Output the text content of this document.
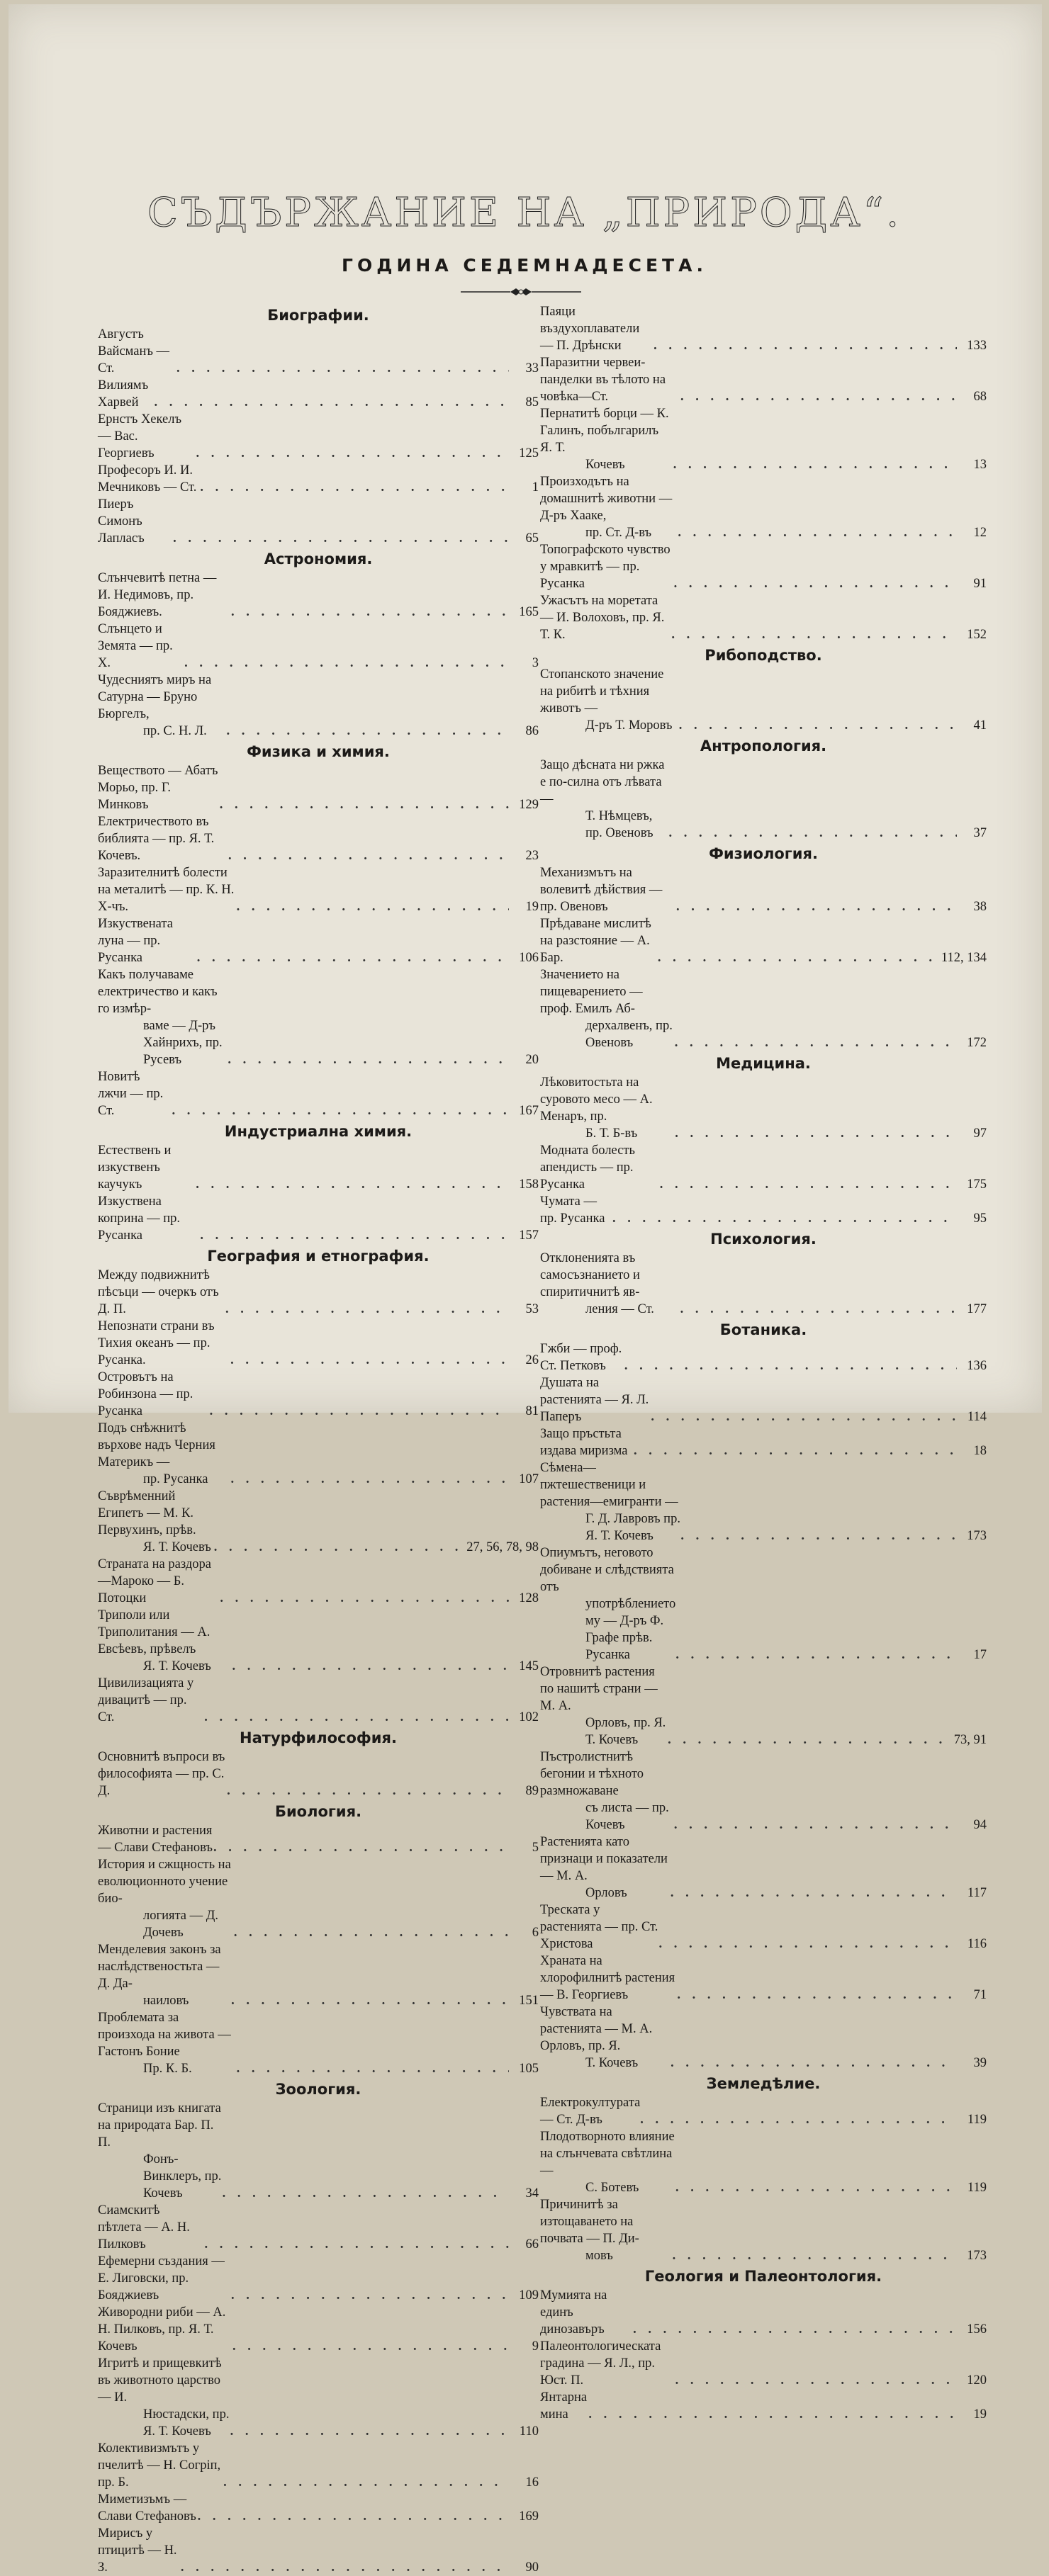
СЪДЪРЖАНИЕ НА „ПРИРОДА“.
ГОДИНА СЕДЕМНАДЕСЕТА.
Биографии.
Августъ Вайсманъ — Ст. . . .	33
Вилиямъ Харвей . . .	85
Ернстъ Хекелъ — Вас. Георгиевъ . . .	125
Професоръ И. И. Мечниковъ — Ст. . . .	1
Пиеръ Симонъ Лапласъ . . .	65
Астрономия.
Слънчевитѣ петна — И. Недимовъ, пр. Бояджиевъ. . . .	165
Слънцето и Земята — пр. Х. . . .	3
Чудесниятъ миръ на Сатурна — Бруно Бюргелъ,
пр. С. Н. Л. . . .	86
Физика и химия.
Веществото — Абатъ Морьо, пр. Г. Минковъ . . .	129
Електричеството въ библията — пр. Я. Т. Кочевъ. . . .	23
Заразителнитѣ болести на металитѣ — пр. К. Н. Х-чъ. . . .	19
Изкуствената луна — пр. Русанка . . .	106
Какъ получаваме електричество и какъ го измѣр-
ваме — Д-ръ Хайнрихъ, пр. Русевъ . . .	20
Новитѣ лжчи — пр. Ст. . . .	167
Индустриална химия.
Естественъ и изкуственъ каучукъ . . .	158
Изкуствена коприна — пр. Русанка . . .	157
География и етнография.
Между подвижнитѣ пѣсъци — очеркъ отъ Д. П. . . .	53
Непознати страни въ Тихия океанъ — пр. Русанка. . . .	26
Островътъ на Робинзона — пр. Русанка . . .	81
Подъ снѣжнитѣ върхове надъ Черния Материкъ —
пр. Русанка . . .	107
Съврѣменний Египетъ — М. К. Первухинъ, прѣв.
Я. Т. Кочевъ . . .	27, 56, 78, 98
Страната на раздора—Мароко — Б. Потоцки . . .	128
Триполи или Триполитания — А. Евсѣевъ, прѣвелъ
Я. Т. Кочевъ . . .	145
Цивилизацията у дивацитѣ — пр. Ст. . . .	102
Натурфилософия.
Основнитѣ въпроси въ философията — пр. С. Д. . . .	89
Биология.
Животни и растения — Слави Стефановъ . . .	5
История и сжщность на еволюционното учение био-
логията — Д. Дочевъ . . .	6
Менделевия законъ за наслѣдственостьта — Д. Да-
наиловъ . . .	151
Проблемата за произхода на живота — Гастонъ Боние
Пр. К. Б. . . .	105
Зоология.
Страници изъ книгата на природата Бар. П. П.
Фонъ-Винклеръ, пр. Кочевъ . . .	34
Сиамскитѣ пѣтлета — А. Н. Пилковъ . . .	66
Ефемерни създания — Е. Лиговски, пр. Бояджиевъ . . .	109
Живородни риби — А. Н. Пилковъ, пр. Я. Т. Кочевъ . . .	9
Игритѣ и прищевкитѣ въ животното царство — И.
Нюстадски, пр. Я. Т. Кочевъ . . .	110
Колективизмътъ у пчелитѣ — Н. Согріп, пр. Б. . . .	16
Миметизъмъ — Слави Стефановъ . . .	169
Мирисъ у птицитѣ — Н. З. . . .	90
Паяци въздухоплаватели — П. Дрѣнски . . .	133
Паразитни червеи-панделки въ тѣлото на човѣка—Ст. . . .	68
Пернатитѣ борци — К. Галинъ, побългарилъ Я. Т.
Кочевъ . . .	13
Произходътъ на домашнитѣ животни — Д-ръ Хааке,
пр. Ст. Д-въ . . .	12
Топографското чувство у мравкитѣ — пр. Русанка . . .	91
Ужасътъ на моретата — И. Волоховъ, пр. Я. Т. К. . . .	152
Рибоподство.
Стопанското значение на рибитѣ и тѣхния животъ —
Д-ръ Т. Моровъ . . .	41
Антропология.
Защо дѣсната ни ржка е по-силна отъ лѣвата —
Т. Нѣмцевъ, пр. Овеновъ . . .	37
Физиология.
Механизмътъ на волевитѣ дѣйствия — пр. Овеновъ . . .	38
Прѣдаване мислитѣ на разстояние — А. Бар. . . .	112, 134
Значението на пищеварението — проф. Емилъ Аб-
дерхалвенъ, пр. Овеновъ . . .	172
Медицина.
Лѣковитостьта на суровото месо — А. Менаръ, пр.
Б. Т. Б-въ . . .	97
Модната болесть апендисть — пр. Русанка . . .	175
Чумата — пр. Русанка . . .	95
Психология.
Отклоненията въ самосъзнанието и спиритичнитѣ яв-
ления — Ст. . . .	177
Ботаника.
Гжби — проф. Ст. Петковъ . . .	136
Душата на растенията — Я. Л. Паперъ . . .	114
Защо пръстьта издава миризма . . .	18
Сѣмена—пжтешественици и растения—емигранти —
Г. Д. Лавровъ пр. Я. Т. Кочевъ . . .	173
Опиумътъ, неговото добиване и слѣдствията отъ
употрѣблението му — Д-ръ Ф. Графе прѣв.
Русанка . . .	17
Отровнитѣ растения по нашитѣ страни — М. А.
Орловъ, пр. Я. Т. Кочевъ . . .	73, 91
Пъстролистнитѣ бегонии и тѣхното размножаване
съ листа — пр. Кочевъ . . .	94
Растенията като признаци и показатели — М. А.
Орловъ . . .	117
Трескaта у растенията — пр. Ст. Христова . . .	116
Храната на хлорофилнитѣ растения — В. Георгиевъ . . .	71
Чувствата на растенията — М. А. Орловъ, пр. Я.
Т. Кочевъ . . .	39
Земледѣлие.
Електрокултурата — Ст. Д-въ . . .	119
Плодотворното влияние на слънчевата свѣтлина —
С. Ботевъ . . .	119
Причинитѣ за изтощаването на почвата — П. Ди-
мовъ . . .	173
Геология и Палеонтология.
Мумията на единъ динозавъръ . . .	156
Палеонтологическата градина — Я. Л., пр. Юст. П. . . .	120
Янтарна мина . . .	19
